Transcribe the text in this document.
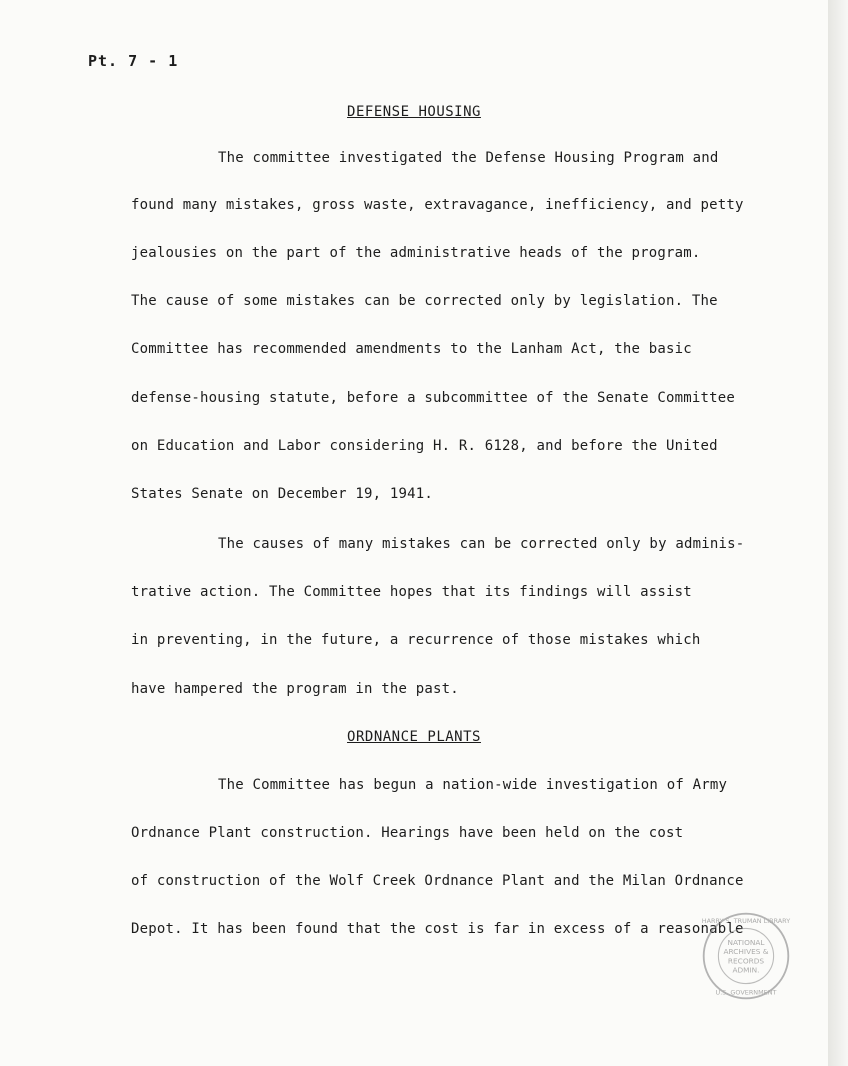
Pt. 7 - 1
DEFENSE HOUSING
The committee investigated the Defense Housing Program and
found many mistakes, gross waste, extravagance, inefficiency, and petty
jealousies on the part of the administrative heads of the program.
The cause of some mistakes can be corrected only by legislation. The
Committee has recommended amendments to the Lanham Act, the basic
defense-housing statute, before a subcommittee of the Senate Committee
on Education and Labor considering H. R. 6128, and before the United
States Senate on December 19, 1941.
The causes of many mistakes can be corrected only by adminis-
trative action. The Committee hopes that its findings will assist
in preventing, in the future, a recurrence of those mistakes which
have hampered the program in the past.
ORDNANCE PLANTS
The Committee has begun a nation-wide investigation of Army
Ordnance Plant construction. Hearings have been held on the cost
of construction of the Wolf Creek Ordnance Plant and the Milan Ordnance
Depot. It has been found that the cost is far in excess of a reasonable
HARRY S. TRUMAN LIBRARY
NATIONAL
ARCHIVES &
RECORDS
ADMIN.
U.S. GOVERNMENT
